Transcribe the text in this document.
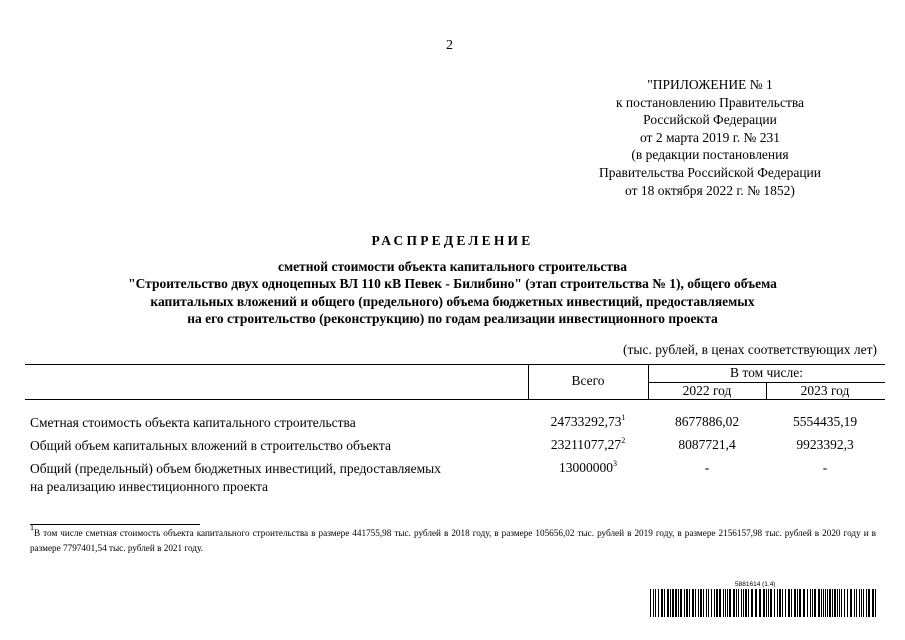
2
"ПРИЛОЖЕНИЕ № 1
к постановлению Правительства
Российской Федерации
от 2 марта 2019 г. № 231
(в редакции постановления
Правительства Российской Федерации
от 18 октября 2022 г. № 1852)
РАСПРЕДЕЛЕНИЕ
сметной стоимости объекта капитального строительства
"Строительство двух одноцепных ВЛ 110 кВ Певек - Билибино" (этап строительства № 1), общего объема
капитальных вложений и общего (предельного) объема бюджетных инвестиций, предоставляемых
на его строительство (реконструкцию) по годам реализации инвестиционного проекта
(тыс. рублей, в ценах соответствующих лет)
Всего
В том числе:
2022 год	2023 год
Сметная стоимость объекта капитального строительства	24733292,73$^1$	8677886,02	5554435,19
Общий объем капитальных вложений в строительство объекта	23211077,27$^2$	8087721,4	9923392,3
Общий (предельный) объем бюджетных инвестиций, предоставляемых
на реализацию инвестиционного проекта
13000000$^3$	-	-
$^1$В том числе сметная стоимость объекта капитального строительства в размере 441755,98 тыс. рублей в 2018 году, в размере 105656,02 тыс. рублей в 2019 году, в размере 2156157,98 тыс. рублей в 2020 году и в размере 7797401,54 тыс. рублей в 2021 году.
5881614 (1.4)
